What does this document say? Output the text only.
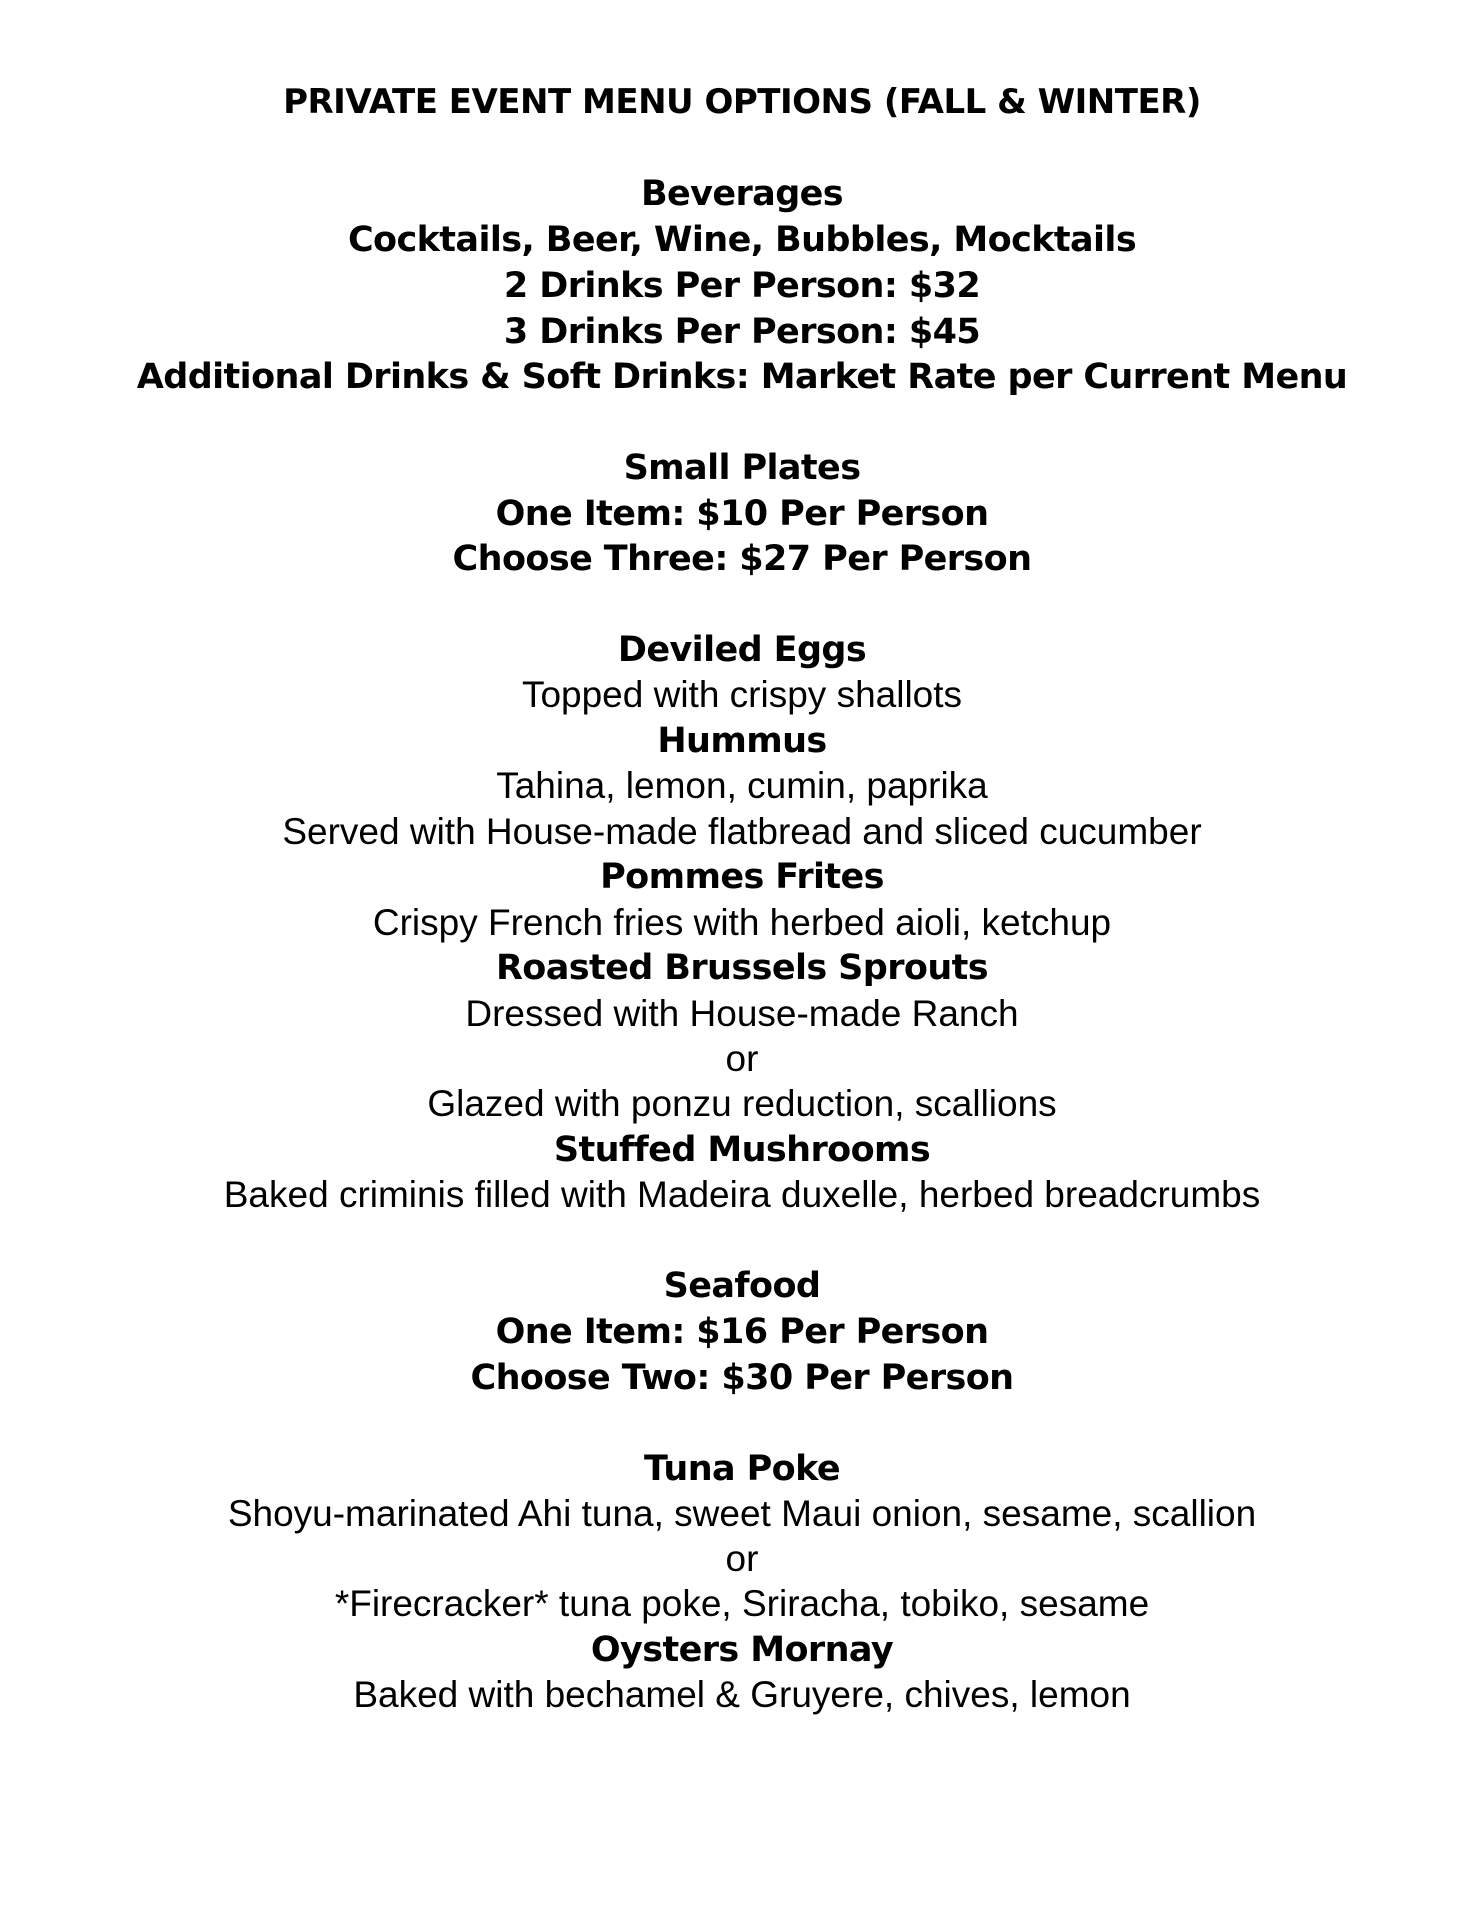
PRIVATE EVENT MENU OPTIONS (FALL & WINTER)
Beverages
Cocktails, Beer, Wine, Bubbles, Mocktails
2 Drinks Per Person: $32
3 Drinks Per Person: $45
Additional Drinks & Soft Drinks: Market Rate per Current Menu
Small Plates
One Item: $10 Per Person
Choose Three: $27 Per Person
Deviled Eggs
Topped with crispy shallots
Hummus
Tahina, lemon, cumin, paprika
Served with House-made flatbread and sliced cucumber
Pommes Frites
Crispy French fries with herbed aioli, ketchup
Roasted Brussels Sprouts
Dressed with House-made Ranch
or
Glazed with ponzu reduction, scallions
Stuffed Mushrooms
Baked criminis filled with Madeira duxelle, herbed breadcrumbs
Seafood
One Item: $16 Per Person
Choose Two: $30 Per Person
Tuna Poke
Shoyu-marinated Ahi tuna, sweet Maui onion, sesame, scallion
or
*Firecracker* tuna poke, Sriracha, tobiko, sesame
Oysters Mornay
Baked with bechamel & Gruyere, chives, lemon
